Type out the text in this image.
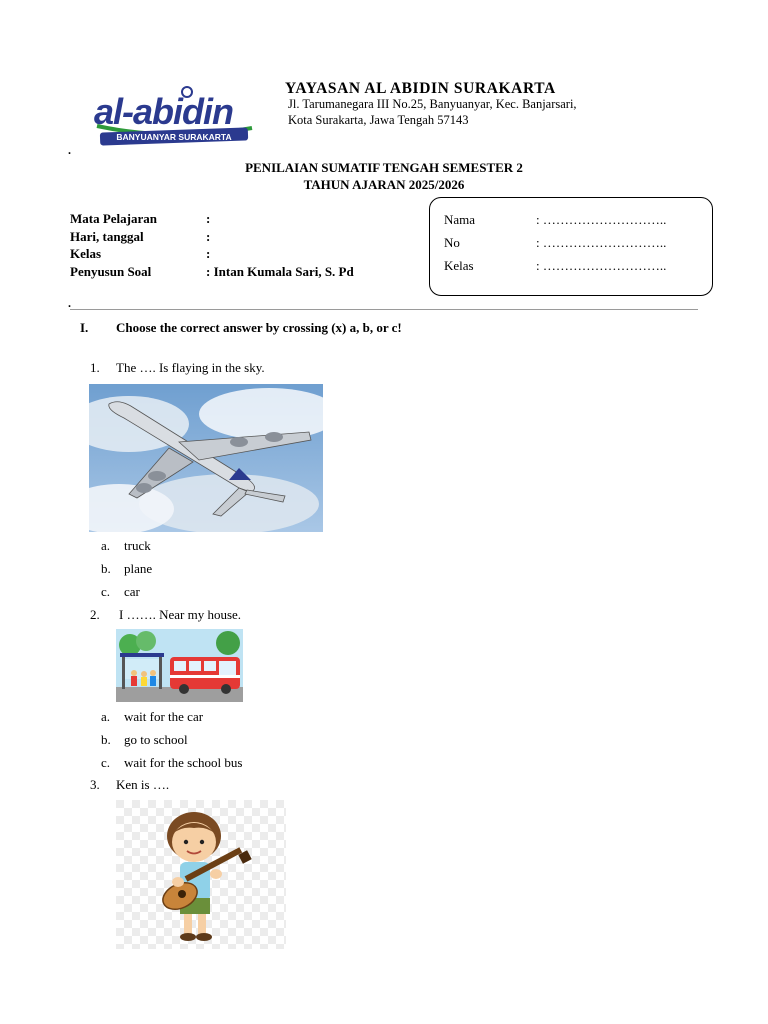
al-abidin
BANYUANYAR SURAKARTA
YAYASAN AL ABIDIN SURAKARTA
Jl. Tarumanegara III No.25, Banyuanyar, Kec. Banjarsari,
Kota Surakarta, Jawa Tengah 57143
.
PENILAIAN SUMATIF TENGAH SEMESTER 2
TAHUN AJARAN 2025/2026
Mata Pelajaran	:
Hari, tanggal	:
Kelas	:
Penyusun Soal	: Intan Kumala Sari, S. Pd
Nama	: ………………………..
No	: ………………………..
Kelas	: ………………………..
.
I. Choose the correct answer by crossing (x) a, b, or c!
1. The …. Is flaying in the sky.
a. truck
b. plane
c. car
2. I ……. Near my house.
a. wait for the car
b. go to school
c. wait for the school bus
3. Ken is ….
